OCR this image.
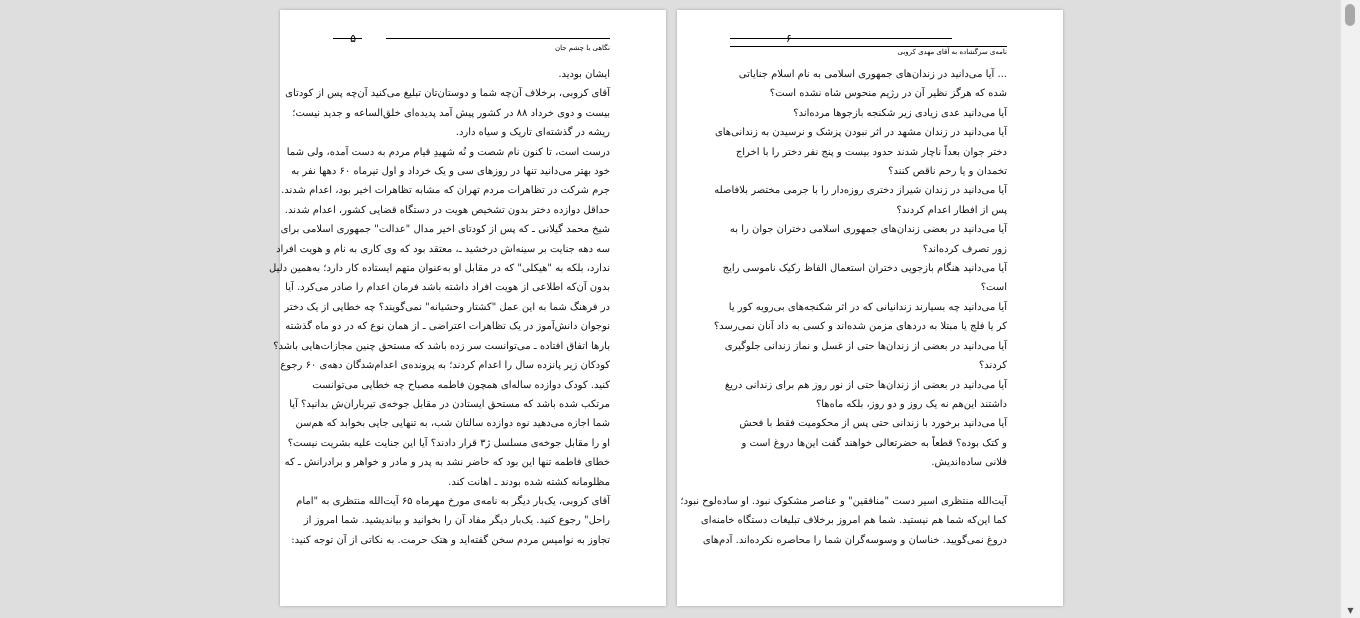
۵
نگاهی با چشم جان
ایشان بودید.
آقای کروبی، برخلاف آن‌چه شما و دوستان‌تان تبلیغ می‌کنید آن‌چه پس از کودتای
بیست و دوی خرداد ۸۸ در کشور پیش آمد پدیده‌ای خلق‌الساعه و جدید نیست؛
ریشه در گذشته‌ای تاریک و سیاه دارد.
درست است، تا کنون نام شصت و نُه شهیدِ قیام مردم به دست آمده، ولی شما
خود بهتر می‌دانید تنها در روزهای سی و یک خرداد و اول تیرماه ۶۰ دهها نفر به
جرم شرکت در تظاهرات مردم تهران که مشابه تظاهرات اخیر بود، اعدام شدند.
حداقل دوازده دختر بدون تشخیص هویت در دستگاه قضایی کشور، اعدام شدند.
شیخ محمد گیلانی ـ که پس از کودتای اخیر مدال "عدالت" جمهوری اسلامی برای
سه دهه جنایت بر سینه‌اش درخشید ـ، معتقد بود که وی کاری به نام و هویت افراد
ندارد، بلکه به "هیکلی" که در مقابل او به‌عنوان متهم ایستاده کار دارد؛ به‌همین دلیل
بدون آن‌که اطلاعی از هویت افراد داشته باشد فرمان اعدام را صادر می‌کرد. آیا
در فرهنگ شما به این عمل "کشتار وحشیانه" نمی‌گویند؟ چه خطایی از یک دختر
نوجوان دانش‌آموز در یک تظاهرات اعتراضی ـ از همان نوع که در دو ماه گذشته
بارها اتفاق افتاده ـ می‌توانست سر زده باشد که مستحق چنین مجازات‌هایی باشد؟
کودکان زیر پانزده سال را اعدام کردند؛ به پرونده‌ی اعدام‌شدگان دهه‌ی ۶۰ رجوع
کنید. کودک دوازده ساله‌ای همچون فاطمه مصباح چه خطایی می‌توانست
مرتکب شده باشد که مستحق ایستادن در مقابل جوخه‌ی تیرباران‌ش بدانید؟ آیا
شما اجازه می‌دهید نوه دوازده سالتان شب، به تنهایی جایی بخوابد که هم‌سن
او را مقابل جوخه‌ی مسلسل ژ۳ قرار دادند؟ آیا این جنایت علیه بشریت نیست؟
خطای فاطمه تنها این بود که حاضر نشد به پدر و مادر و خواهر و برادرانش ـ که
مظلومانه کشته شده بودند ـ اهانت کند.
آقای کروبی، یک‌بار دیگر به نامه‌ی مورخ مهرماه ۶۵ آیت‌الله منتظری به "امام
راحل" رجوع کنید. یک‌بار دیگر مفاد آن را بخوانید و بیاندیشید. شما امروز از
تجاوز به نوامیس مردم سخن گفته‌اید و هتک حرمت. به نکاتی از آن توجه کنید:
۶
نامه‌ی سرگشاده به آقای مهدی کروبی
... آیا می‌دانید در زندان‌های جمهوری اسلامی به نام اسلام جنایاتی
شده که هرگز نظیر آن در رژیم منحوس شاه نشده است؟
آیا می‌دانید عدی زیادی زیر شکنجه بازجوها مرده‌اند؟
آیا می‌دانید در زندان مشهد در اثر نبودن پزشک و نرسیدن به زندانی‌های
دختر جوان بعداً ناچار شدند حدود بیست و پنج نفر دختر را با اخراج
تخمدان و یا رحم ناقص کنند؟
آیا می‌دانید در زندان شیراز دختری روزه‌دار را با جرمی مختصر بلافاصله
پس از افطار اعدام کردند؟
آیا می‌دانید در بعضی زندان‌های جمهوری اسلامی دختران جوان را به
زور تصرف کرده‌اند؟
آیا می‌دانید هنگام بازجویی دختران استعمال الفاظ رکیک ناموسی رایج
است؟
آیا می‌دانید چه بسیارند زندانیانی که در اثر شکنجه‌های بی‌رویه کور یا
کر یا فلج یا مبتلا به دردهای مزمن شده‌اند و کسی به داد آنان نمی‌رسد؟
آیا می‌دانید در بعضی از زندان‌ها حتی از غسل و نماز زندانی جلوگیری
کردند؟
آیا می‌دانید در بعضی از زندان‌ها حتی از نور روز هم برای زندانی دریغ
داشتند این‌هم نه یک روز و دو روز، بلکه ماه‌ها؟
آیا می‌دانید برخورد با زندانی حتی پس از محکومیت فقط با فحش
و کتک بوده؟ قطعاً به حضرتعالی خواهند گفت این‌ها دروغ است و
فلانی ساده‌اندیش.

آیت‌الله منتظری اسیر دست "منافقین" و عناصر مشکوک نبود. او ساده‌لوح نبود؛
کما این‌که شما هم نیستید. شما هم امروز برخلاف تبلیغات دستگاه خامنه‌ای
دروغ نمی‌گویید. خناسان و وسوسه‌گران شما را محاصره نکرده‌اند. آدم‌های
▼
